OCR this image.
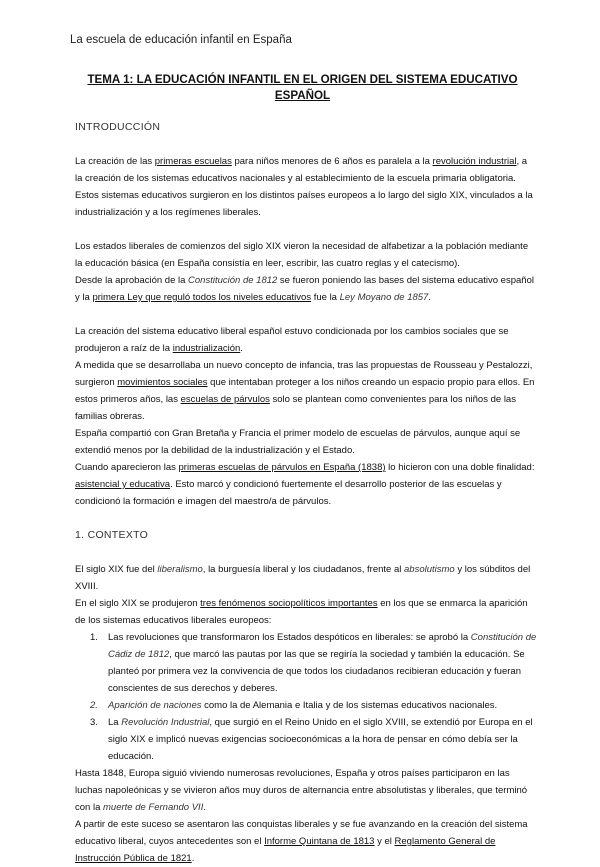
La escuela de educación infantil en España
TEMA 1: LA EDUCACIÓN INFANTIL EN EL ORIGEN DEL SISTEMA EDUCATIVO ESPAÑOL
INTRODUCCIÓN
La creación de las primeras escuelas para niños menores de 6 años es paralela a la revolución industrial, a la creación de los sistemas educativos nacionales y al establecimiento de la escuela primaria obligatoria. Estos sistemas educativos surgieron en los distintos países europeos a lo largo del siglo XIX, vinculados a la industrialización y a los regímenes liberales.
Los estados liberales de comienzos del siglo XIX vieron la necesidad de alfabetizar a la población mediante la educación básica (en España consistía en leer, escribir, las cuatro reglas y el catecismo).
Desde la aprobación de la Constitución de 1812 se fueron poniendo las bases del sistema educativo español y la primera Ley que reguló todos los niveles educativos fue la Ley Moyano de 1857.
La creación del sistema educativo liberal español estuvo condicionada por los cambios sociales que se produjeron a raíz de la industrialización.
A medida que se desarrollaba un nuevo concepto de infancia, tras las propuestas de Rousseau y Pestalozzi, surgieron movimientos sociales que intentaban proteger a los niños creando un espacio propio para ellos. En estos primeros años, las escuelas de párvulos solo se plantean como convenientes para los niños de las familias obreras.
España compartió con Gran Bretaña y Francia el primer modelo de escuelas de párvulos, aunque aquí se extendió menos por la debilidad de la industrialización y el Estado.
Cuando aparecieron las primeras escuelas de párvulos en España (1838) lo hicieron con una doble finalidad: asistencial y educativa. Esto marcó y condicionó fuertemente el desarrollo posterior de las escuelas y condicionó la formación e imagen del maestro/a de párvulos.
1. CONTEXTO
El siglo XIX fue del liberalismo, la burguesía liberal y los ciudadanos, frente al absolutismo y los súbditos del XVIII.
En el siglo XIX se produjeron tres fenómenos sociopolíticos importantes en los que se enmarca la aparición de los sistemas educativos liberales europeos:
1. Las revoluciones que transformaron los Estados despóticos en liberales: se aprobó la Constitución de Cádiz de 1812, que marcó las pautas por las que se regiría la sociedad y también la educación. Se planteó por primera vez la convivencia de que todos los ciudadanos recibieran educación y fueran conscientes de sus derechos y deberes.
2. Aparición de naciones como la de Alemania e Italia y de los sistemas educativos nacionales.
3. La Revolución Industrial, que surgió en el Reino Unido en el siglo XVIII, se extendió por Europa en el siglo XIX e implicó nuevas exigencias socioeconómicas a la hora de pensar en cómo debía ser la educación.
Hasta 1848, Europa siguió viviendo numerosas revoluciones, España y otros países participaron en las luchas napoleónicas y se vivieron años muy duros de alternancia entre absolutistas y liberales, que terminó con la muerte de Fernando VII.
A partir de este suceso se asentaron las conquistas liberales y se fue avanzando en la creación del sistema educativo liberal, cuyos antecedentes son el Informe Quintana de 1813 y el Reglamento General de Instrucción Pública de 1821.
